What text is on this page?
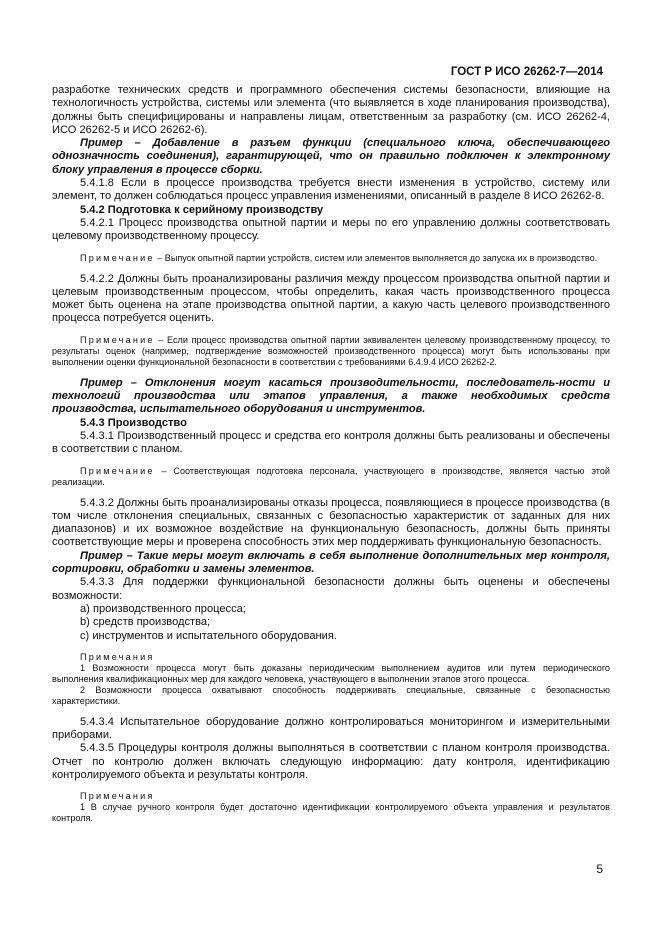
ГОСТ Р ИСО 26262-7—2014

разработке технических средств и программного обеспечения системы безопасности, влияющие на технологичность устройства, системы или элемента (что выявляется в ходе планирования производства), должны быть специфицированы и направлены лицам, ответственным за разработку (см. ИСО 26262-4, ИСО 26262-5 и ИСО 26262-6).

Пример – Добавление в разъем функции (специального ключа, обеспечивающего однозначность соединения), гарантирующей, что он правильно подключен к электронному блоку управления в процессе сборки.

5.4.1.8 Если в процессе производства требуется внести изменения в устройство, систему или элемент, то должен соблюдаться процесс управления изменениями, описанный в разделе 8 ИСО 26262-8.

5.4.2 Подготовка к серийному производству

5.4.2.1 Процесс производства опытной партии и меры по его управлению должны соответствовать целевому производственному процессу.

Примечание – Выпуск опытной партии устройств, систем или элементов выполняется до запуска их в производство.

5.4.2.2 Должны быть проанализированы различия между процессом производства опытной партии и целевым производственным процессом, чтобы определить, какая часть производственного процесса может быть оценена на этапе производства опытной партии, а какую часть целевого производственного процесса потребуется оценить.

Примечание – Если процесс производства опытной партии эквивалентен целевому производственному процессу, то результаты оценок (например, подтверждение возможностей производственного процесса) могут быть использованы при выполнении оценки функциональной безопасности в соответствии с требованиями 6.4.9.4 ИСО 26262-2.

Пример – Отклонения могут касаться производительности, последователь-ности и технологий производства или этапов управления, а также необходимых средств производства, испытательного оборудования и инструментов.

5.4.3 Производство

5.4.3.1 Производственный процесс и средства его контроля должны быть реализованы и обеспечены в соответствии с планом.

Примечание – Соответствующая подготовка персонала, участвующего в производстве, является частью этой реализации.

5.4.3.2 Должны быть проанализированы отказы процесса, появляющиеся в процессе производства (в том числе отклонения специальных, связанных с безопасностью характеристик от заданных для них диапазонов) и их возможное воздействие на функциональную безопасность, должны быть приняты соответствующие меры и проверена способность этих мер поддерживать функциональную безопасность.

Пример – Такие меры могут включать в себя выполнение дополнительных мер контроля, сортировки, обработки и замены элементов.

5.4.3.3 Для поддержки функциональной безопасности должны быть оценены и обеспечены возможности:

а) производственного процесса;

b) средств производства;

с) инструментов и испытательного оборудования.

Примечания

1 Возможности процесса могут быть доказаны периодическим выполнением аудитов или путем периодического выполнения квалификационных мер для каждого человека, участвующего в выполнении этапов этого процесса.

2 Возможности процесса охватывают способность поддерживать специальные, связанные с безопасностью характеристики.

5.4.3.4 Испытательное оборудование должно контролироваться мониторингом и измерительными приборами.

5.4.3.5 Процедуры контроля должны выполняться в соответствии с планом контроля производства. Отчет по контролю должен включать следующую информацию: дату контроля, идентификацию контролируемого объекта и результаты контроля.

Примечания

1 В случае ручного контроля будет достаточно идентификации контролируемого объекта управления и результатов контроля.

5
